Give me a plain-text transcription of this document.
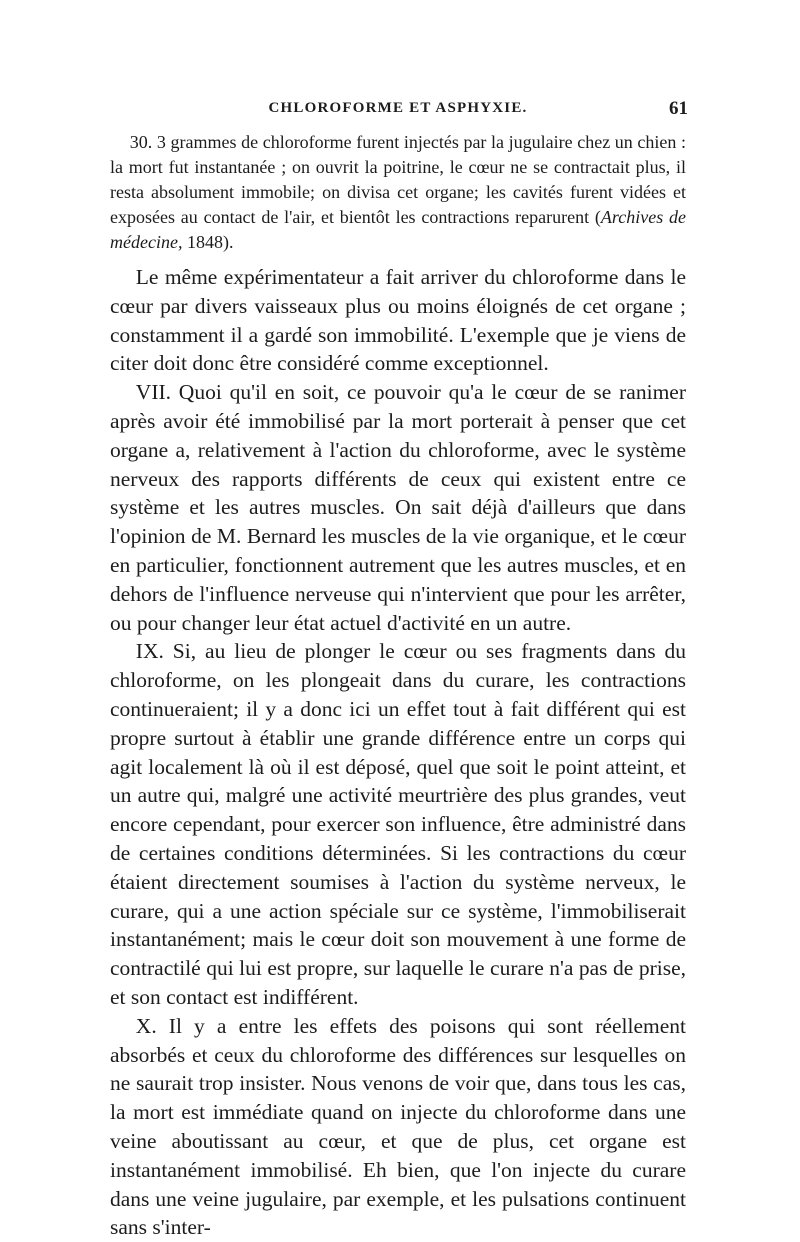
CHLOROFORME ET ASPHYXIE.	61

30. 3 grammes de chloroforme furent injectés par la jugulaire chez un chien : la mort fut instantanée ; on ouvrit la poitrine, le cœur ne se contractait plus, il resta absolument immobile; on divisa cet organe; les cavités furent vidées et exposées au contact de l'air, et bientôt les contractions reparurent (Archives de médecine, 1848).

Le même expérimentateur a fait arriver du chloroforme dans le cœur par divers vaisseaux plus ou moins éloignés de cet organe ; constamment il a gardé son immobilité. L'exemple que je viens de citer doit donc être considéré comme exceptionnel.

VII. Quoi qu'il en soit, ce pouvoir qu'a le cœur de se ranimer après avoir été immobilisé par la mort porterait à penser que cet organe a, relativement à l'action du chloroforme, avec le système nerveux des rapports différents de ceux qui existent entre ce système et les autres muscles. On sait déjà d'ailleurs que dans l'opinion de M. Bernard les muscles de la vie organique, et le cœur en particulier, fonctionnent autrement que les autres muscles, et en dehors de l'influence nerveuse qui n'intervient que pour les arrêter, ou pour changer leur état actuel d'activité en un autre.

IX. Si, au lieu de plonger le cœur ou ses fragments dans du chloroforme, on les plongeait dans du curare, les contractions continueraient; il y a donc ici un effet tout à fait différent qui est propre surtout à établir une grande différence entre un corps qui agit localement là où il est déposé, quel que soit le point atteint, et un autre qui, malgré une activité meurtrière des plus grandes, veut encore cependant, pour exercer son influence, être administré dans de certaines conditions déterminées. Si les contractions du cœur étaient directement soumises à l'action du système nerveux, le curare, qui a une action spéciale sur ce système, l'immobiliserait instantanément; mais le cœur doit son mouvement à une forme de contractilé qui lui est propre, sur laquelle le curare n'a pas de prise, et son contact est indifférent.

X. Il y a entre les effets des poisons qui sont réellement absorbés et ceux du chloroforme des différences sur lesquelles on ne saurait trop insister. Nous venons de voir que, dans tous les cas, la mort est immédiate quand on injecte du chloroforme dans une veine aboutissant au cœur, et que de plus, cet organe est instantanément immobilisé. Eh bien, que l'on injecte du curare dans une veine jugulaire, par exemple, et les pulsations continuent sans s'inter-
